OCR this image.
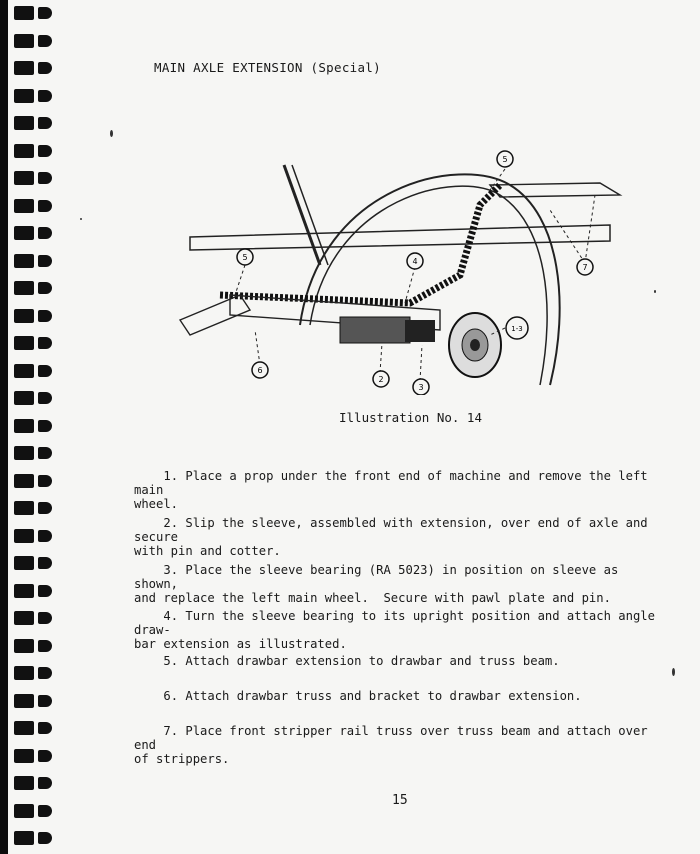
MAIN AXLE EXTENSION (Special)
5
5
4
1-3
2
3
6
7
Illustration No. 14
1. Place a prop under the front end of machine and remove the left main
wheel.
2. Slip the sleeve, assembled with extension, over end of axle and secure
with pin and cotter.
3. Place the sleeve bearing (RA 5023) in position on sleeve as shown,
and replace the left main wheel.  Secure with pawl plate and pin.
4. Turn the sleeve bearing to its upright position and attach angle draw-
bar extension as illustrated.
5. Attach drawbar extension to drawbar and truss beam.
6. Attach drawbar truss and bracket to drawbar extension.
7. Place front stripper rail truss over truss beam and attach over end
of strippers.
15
